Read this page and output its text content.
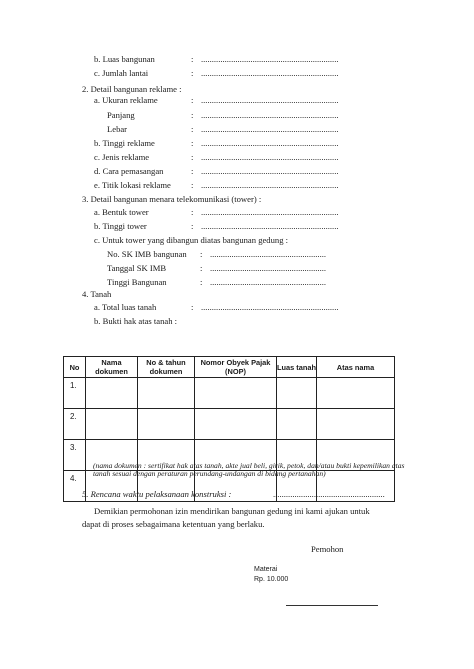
b. Luas bangunan	: ................................................................
c. Jumlah lantai	: ................................................................
2. Detail bangunan reklame :
a. Ukuran reklame	: ................................................................
Panjang	: ................................................................
Lebar	: ................................................................
b. Tinggi reklame	: ................................................................
c. Jenis reklame	: ................................................................
d. Cara pemasangan	: ................................................................
e. Titik lokasi reklame : ................................................................
3. Detail bangunan menara telekomunikasi (tower) :
a. Bentuk tower	: ................................................................
b. Tinggi tower	: ................................................................
c. Untuk tower yang dibangun diatas bangunan gedung :
No. SK IMB bangunan : ......................................................
Tanggal SK IMB	: ......................................................
Tinggi Bangunan	: ......................................................
4. Tanah
a. Total luas tanah	: ................................................................
b. Bukti hak atas tanah :
No	Nama dokumen	No & tahun dokumen	Nomor Obyek Pajak (NOP)	Luas tanah	Atas nama
1.					
2.					
3.					
4.					
(nama dokumen : sertifikat hak atas tanah, akte jual beli, girik, petok, dan/atau bukti kepemilikan atas tanah sesuai dengan peraturan perundang-undangan di bidang pertanahan)
5. Rencana waktu pelaksanaan konstruksi :	....................................................
Demikian permohonan izin mendirikan bangunan gedung ini kami ajukan untuk
dapat di proses sebagaimana ketentuan yang berlaku.
Pemohon
Materai
Rp. 10.000
